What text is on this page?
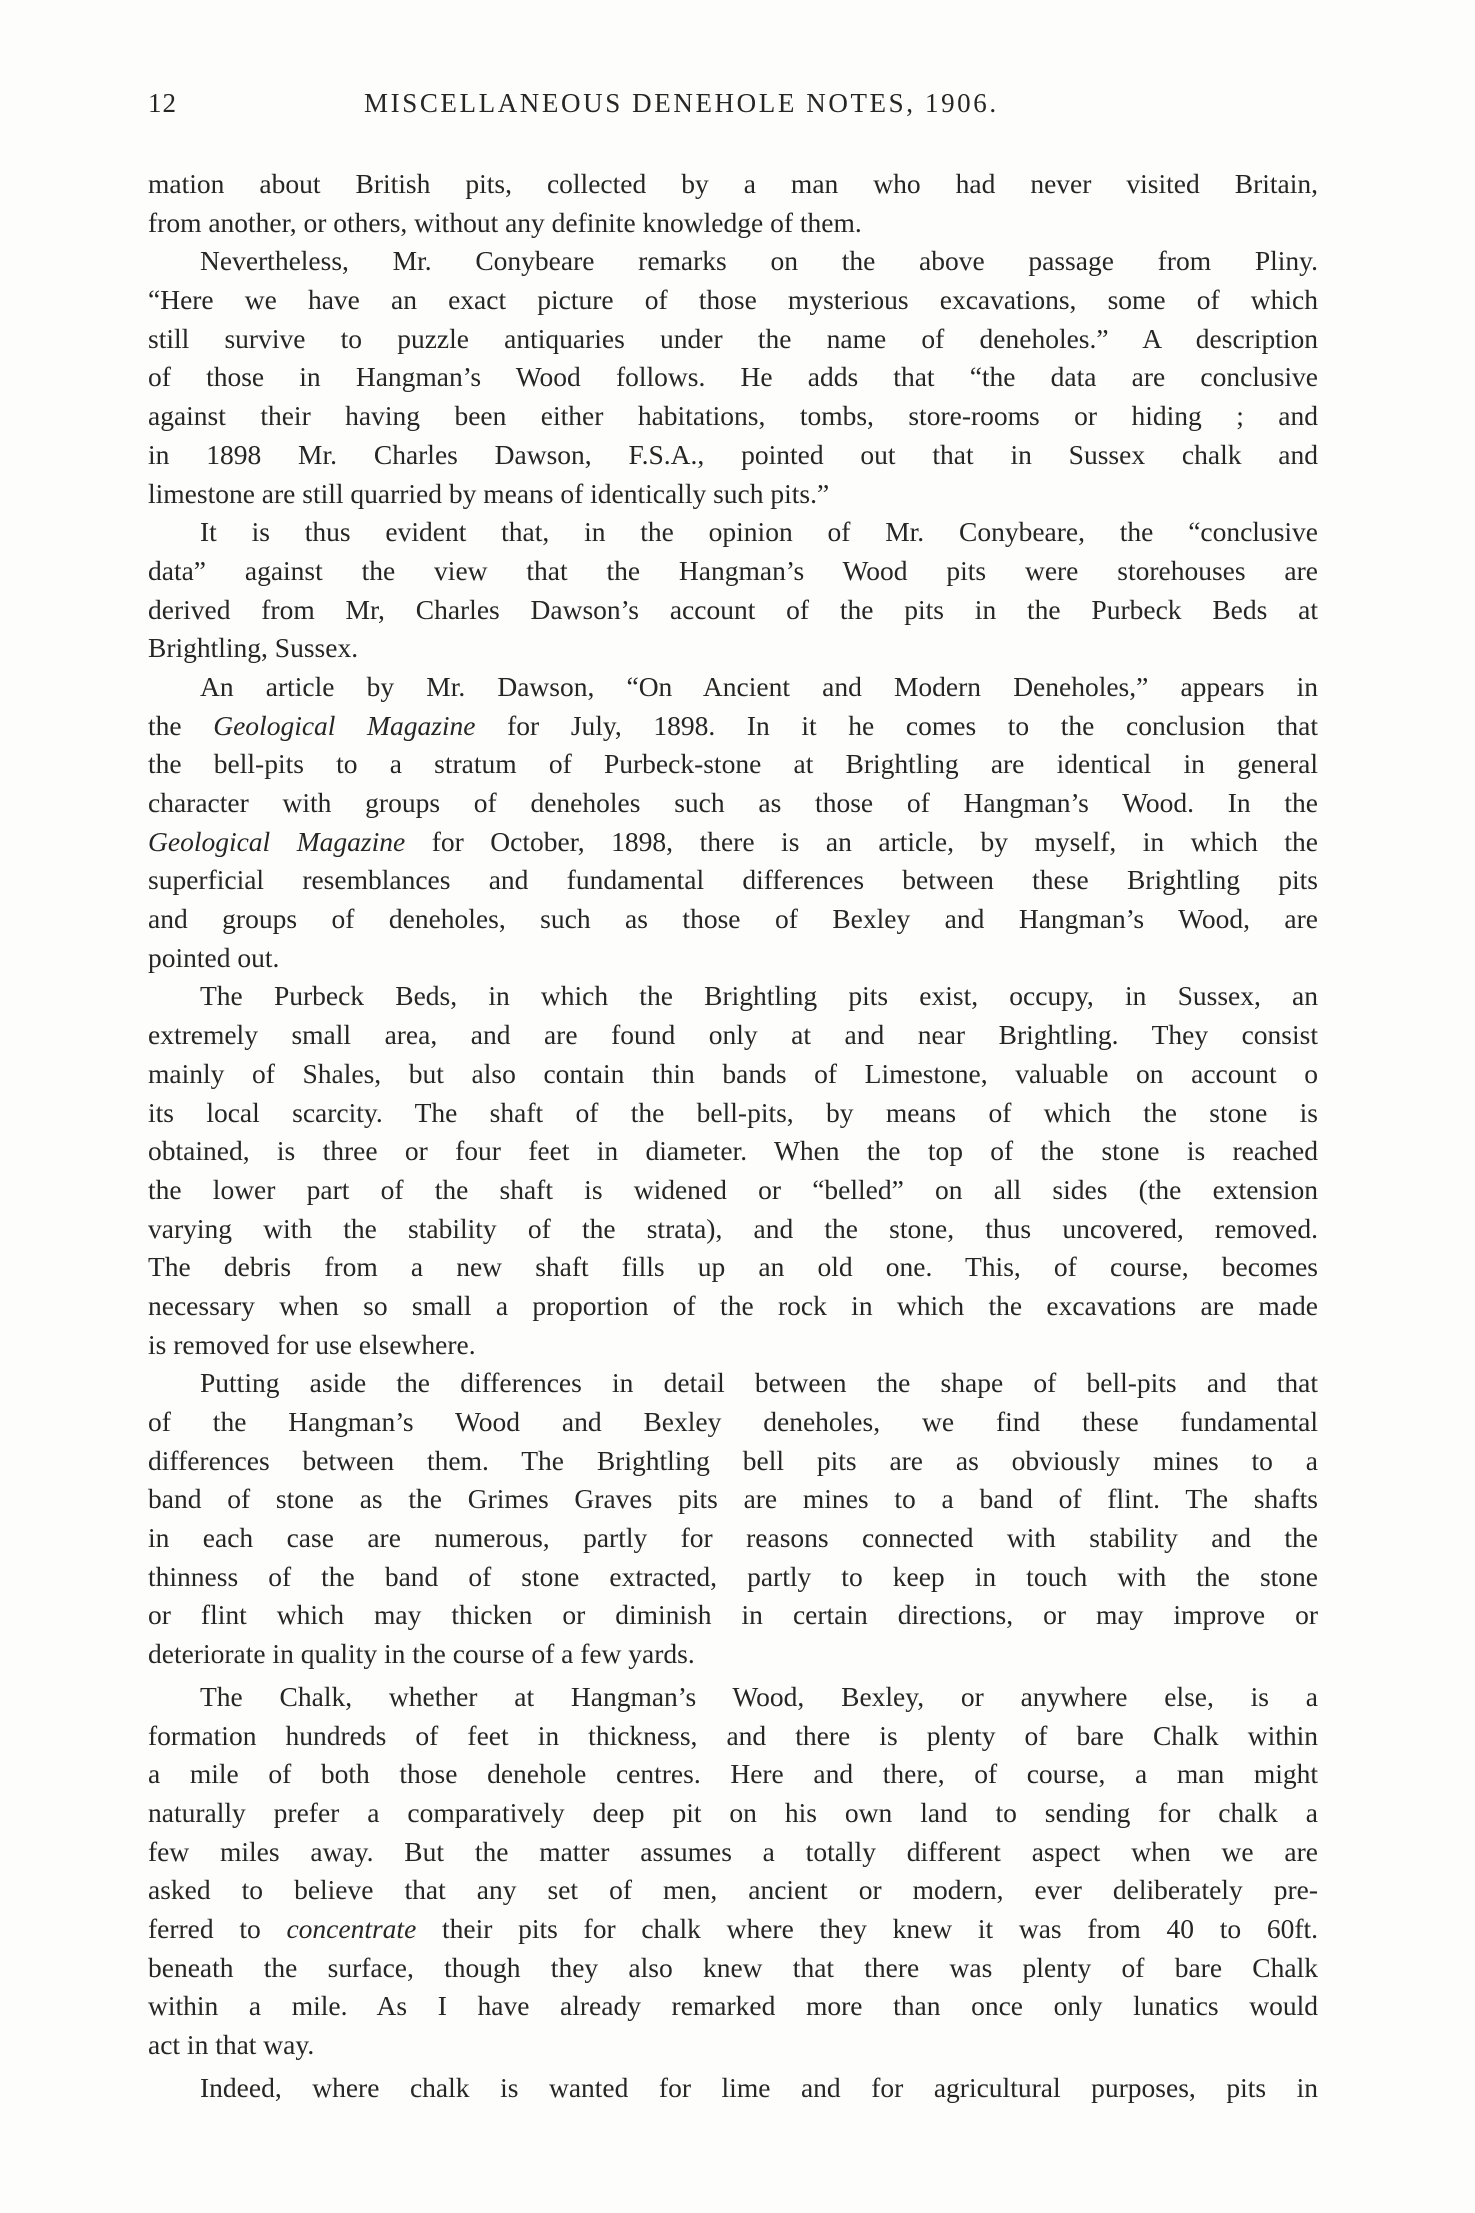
12	MISCELLANEOUS DENEHOLE NOTES, 1906.
mation about British pits, collected by a man who had never visited Britain,
from another, or others, without any definite knowledge of them.
Nevertheless, Mr. Conybeare remarks on the above passage from Pliny.
“Here we have an exact picture of those mysterious excavations, some of which
still survive to puzzle antiquaries under the name of deneholes.” A description
of those in Hangman’s Wood follows. He adds that “the data are conclusive
against their having been either habitations, tombs, store-rooms or hiding ; and
in 1898 Mr. Charles Dawson, F.S.A., pointed out that in Sussex chalk and
limestone are still quarried by means of identically such pits.”
It is thus evident that, in the opinion of Mr. Conybeare, the “conclusive
data” against the view that the Hangman’s Wood pits were storehouses are
derived from Mr, Charles Dawson’s account of the pits in the Purbeck Beds at
Brightling, Sussex.
An article by Mr. Dawson, “On Ancient and Modern Deneholes,” appears in
the Geological Magazine for July, 1898. In it he comes to the conclusion that
the bell-pits to a stratum of Purbeck-stone at Brightling are identical in general
character with groups of deneholes such as those of Hangman’s Wood. In the
Geological Magazine for October, 1898, there is an article, by myself, in which the
superficial resemblances and fundamental differences between these Brightling pits
and groups of deneholes, such as those of Bexley and Hangman’s Wood, are
pointed out.
The Purbeck Beds, in which the Brightling pits exist, occupy, in Sussex, an
extremely small area, and are found only at and near Brightling. They consist
mainly of Shales, but also contain thin bands of Limestone, valuable on account o
its local scarcity. The shaft of the bell-pits, by means of which the stone is
obtained, is three or four feet in diameter. When the top of the stone is reached
the lower part of the shaft is widened or “belled” on all sides (the extension
varying with the stability of the strata), and the stone, thus uncovered, removed.
The debris from a new shaft fills up an old one. This, of course, becomes
necessary when so small a proportion of the rock in which the excavations are made
is removed for use elsewhere.
Putting aside the differences in detail between the shape of bell-pits and that
of the Hangman’s Wood and Bexley deneholes, we find these fundamental
differences between them. The Brightling bell pits are as obviously mines to a
band of stone as the Grimes Graves pits are mines to a band of flint. The shafts
in each case are numerous, partly for reasons connected with stability and the
thinness of the band of stone extracted, partly to keep in touch with the stone
or flint which may thicken or diminish in certain directions, or may improve or
deteriorate in quality in the course of a few yards.
The Chalk, whether at Hangman’s Wood, Bexley, or anywhere else, is a
formation hundreds of feet in thickness, and there is plenty of bare Chalk within
a mile of both those denehole centres. Here and there, of course, a man might
naturally prefer a comparatively deep pit on his own land to sending for chalk a
few miles away. But the matter assumes a totally different aspect when we are
asked to believe that any set of men, ancient or modern, ever deliberately pre-
ferred to concentrate their pits for chalk where they knew it was from 40 to 60ft.
beneath the surface, though they also knew that there was plenty of bare Chalk
within a mile. As I have already remarked more than once only lunatics would
act in that way.
Indeed, where chalk is wanted for lime and for agricultural purposes, pits in
